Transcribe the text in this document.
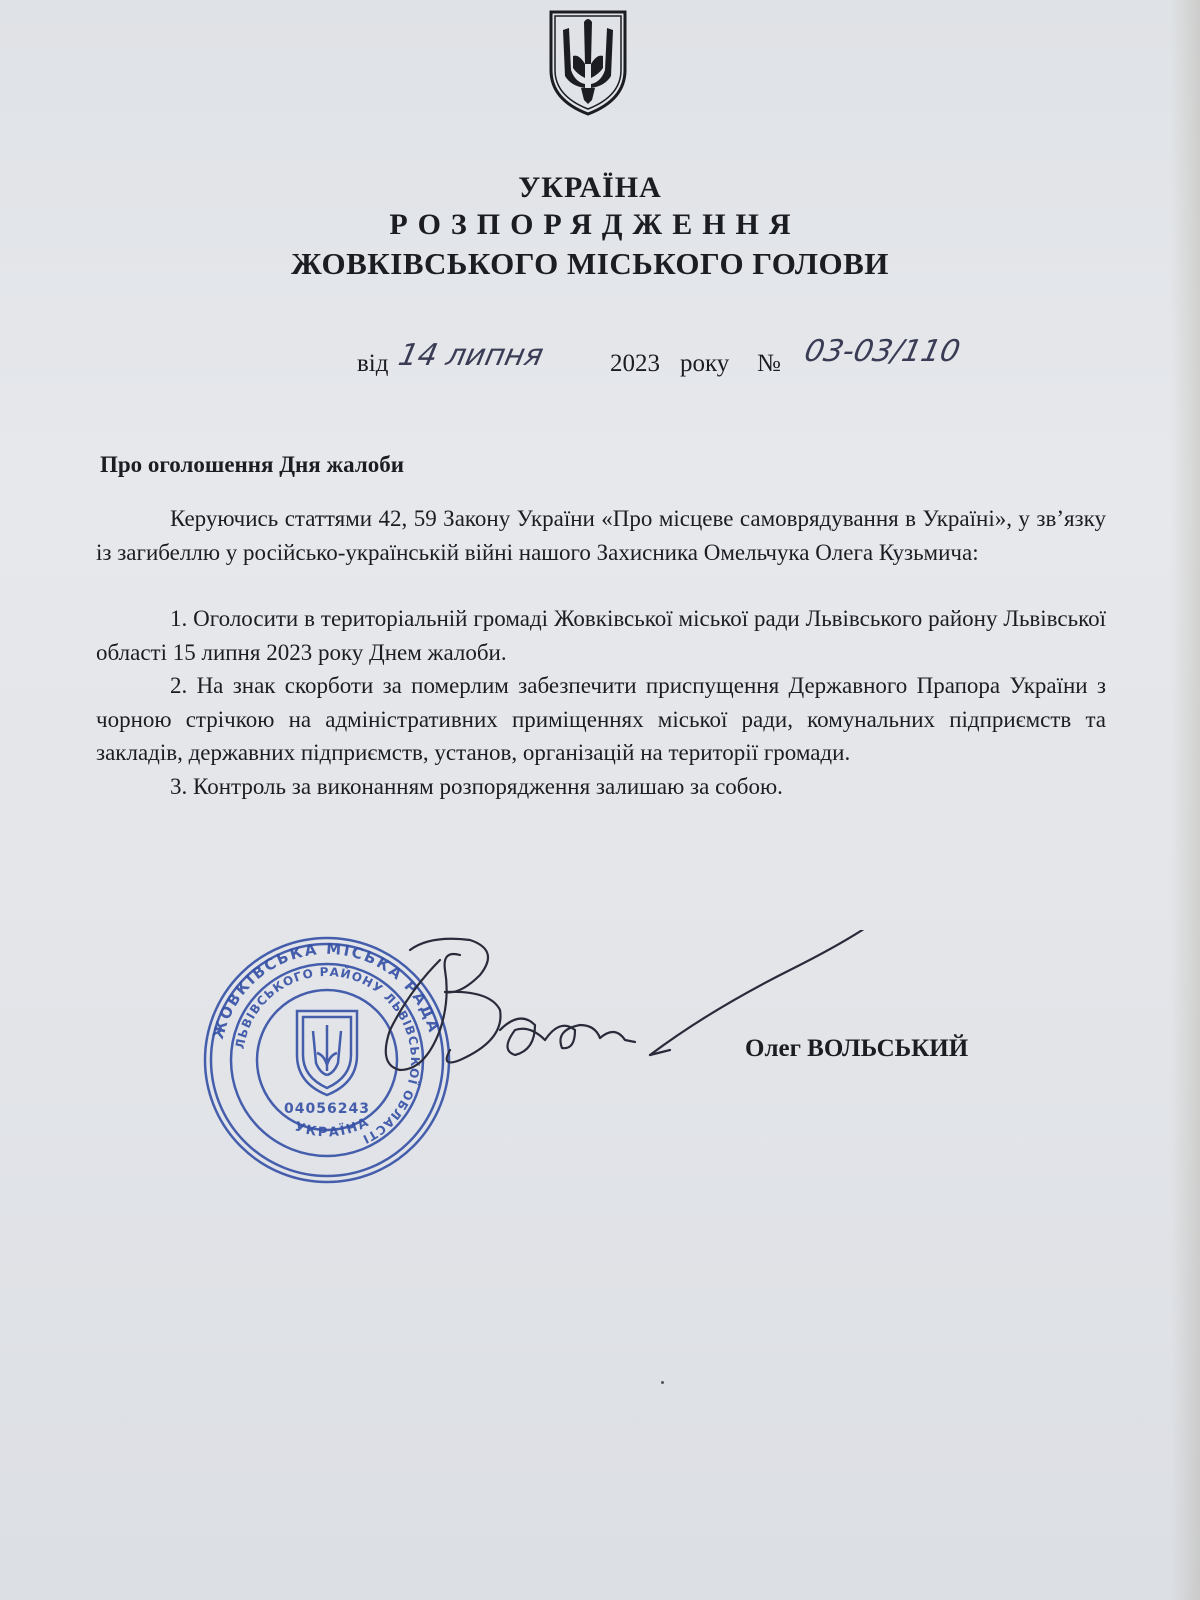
УКРАЇНА
РОЗПОРЯДЖЕННЯ
ЖОВКІВСЬКОГО МІСЬКОГО ГОЛОВИ
від 14 липня	2023 року № 03-03/110
Про оголошення Дня жалоби

Керуючись статтями 42, 59 Закону України «Про місцеве самоврядування в Україні», у зв’язку із загибеллю у російсько-українській війні нашого Захисника Омельчука Олега Кузьмича:

1. Оголосити в територіальній громаді Жовківської міської ради Львівського району Львівської області 15 липня 2023 року Днем жалоби.

2. На знак скорботи за померлим забезпечити приспущення Державного Прапора України з чорною стрічкою на адміністративних приміщеннях міської ради, комунальних підприємств та закладів, державних підприємств, установ, організацій на території громади.

3. Контроль за виконанням розпорядження залишаю за собою.

ЖОВКІВСЬКА МІСЬКА РАДА
ЛЬВІВСЬКОГО РАЙОНУ ЛЬВІВСЬКОЇ ОБЛАСТІ
УКРАЇНА
04056243
Олег ВОЛЬСЬКИЙ
